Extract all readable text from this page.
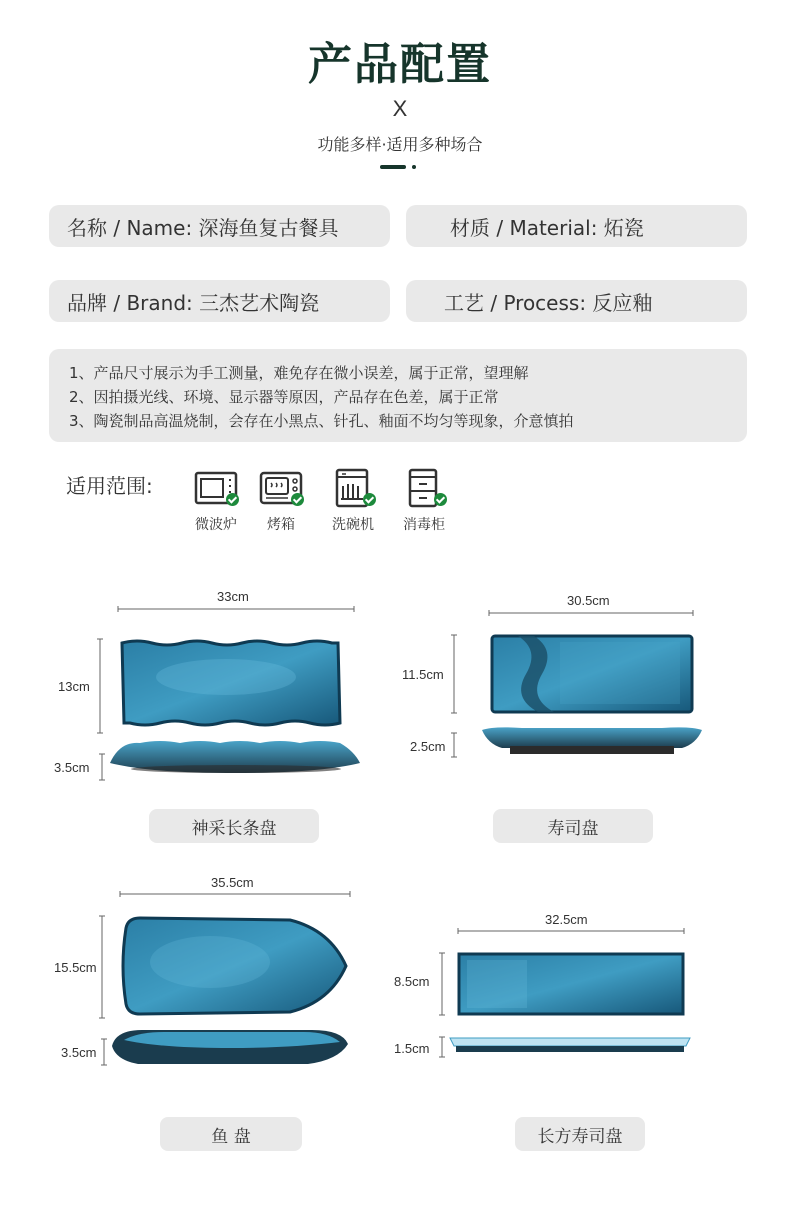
产品配置
X
功能多样·适用多种场合
名称 / Name: 深海鱼复古餐具	材质 / Material: 炻瓷
品牌 / Brand: 三杰艺术陶瓷	工艺 / Process: 反应釉
1、产品尺寸展示为手工测量，难免存在微小误差，属于正常，望理解
2、因拍摄光线、环境、显示器等原因，产品存在色差，属于正常
3、陶瓷制品高温烧制，会存在小黑点、针孔、釉面不均匀等现象，介意慎拍
适用范围:
微波炉	烤箱	洗碗机	消毒柜
33cm
13cm
3.5cm
神采长条盘
30.5cm
11.5cm
2.5cm
寿司盘
35.5cm
15.5cm
3.5cm
鱼 盘
32.5cm
8.5cm
1.5cm
长方寿司盘
